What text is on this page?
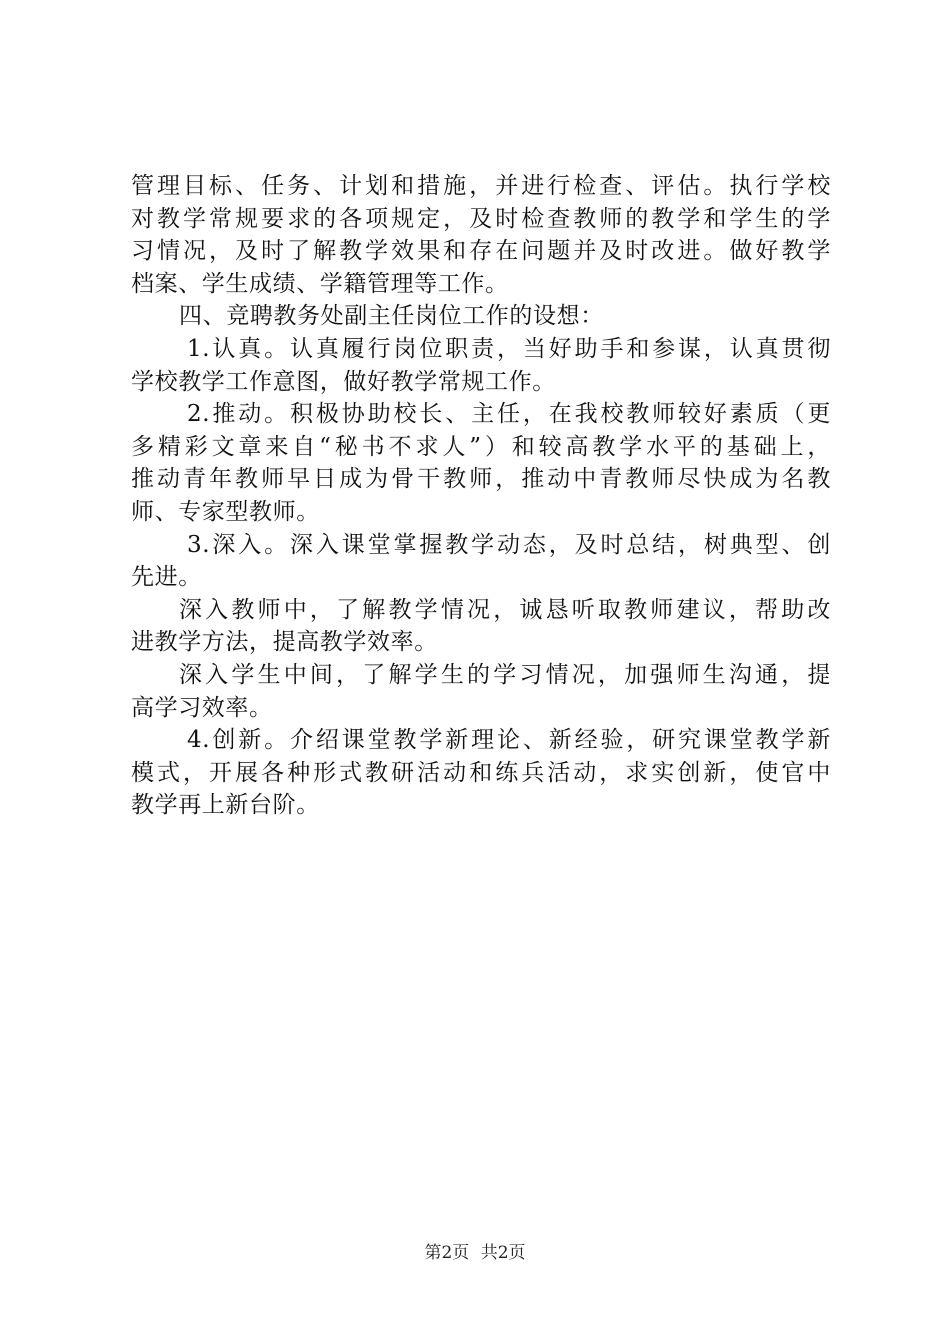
管理目标、任务、计划和措施，并进行检查、评估。执行学校
对教学常规要求的各项规定，及时检查教师的教学和学生的学
习情况，及时了解教学效果和存在问题并及时改进。做好教学
档案、学生成绩、学籍管理等工作。
四、竞聘教务处副主任岗位工作的设想：
1.认真。认真履行岗位职责，当好助手和参谋，认真贯彻
学校教学工作意图，做好教学常规工作。
2.推动。积极协助校长、主任，在我校教师较好素质（更
多精彩文章来自“秘书不求人”）和较高教学水平的基础上，
推动青年教师早日成为骨干教师，推动中青教师尽快成为名教
师、专家型教师。
3.深入。深入课堂掌握教学动态，及时总结，树典型、创
先进。
深入教师中，了解教学情况，诚恳听取教师建议，帮助改
进教学方法，提高教学效率。
深入学生中间，了解学生的学习情况，加强师生沟通，提
高学习效率。
4.创新。介绍课堂教学新理论、新经验，研究课堂教学新
模式，开展各种形式教研活动和练兵活动，求实创新，使官中
教学再上新台阶。
第2页 共2页
